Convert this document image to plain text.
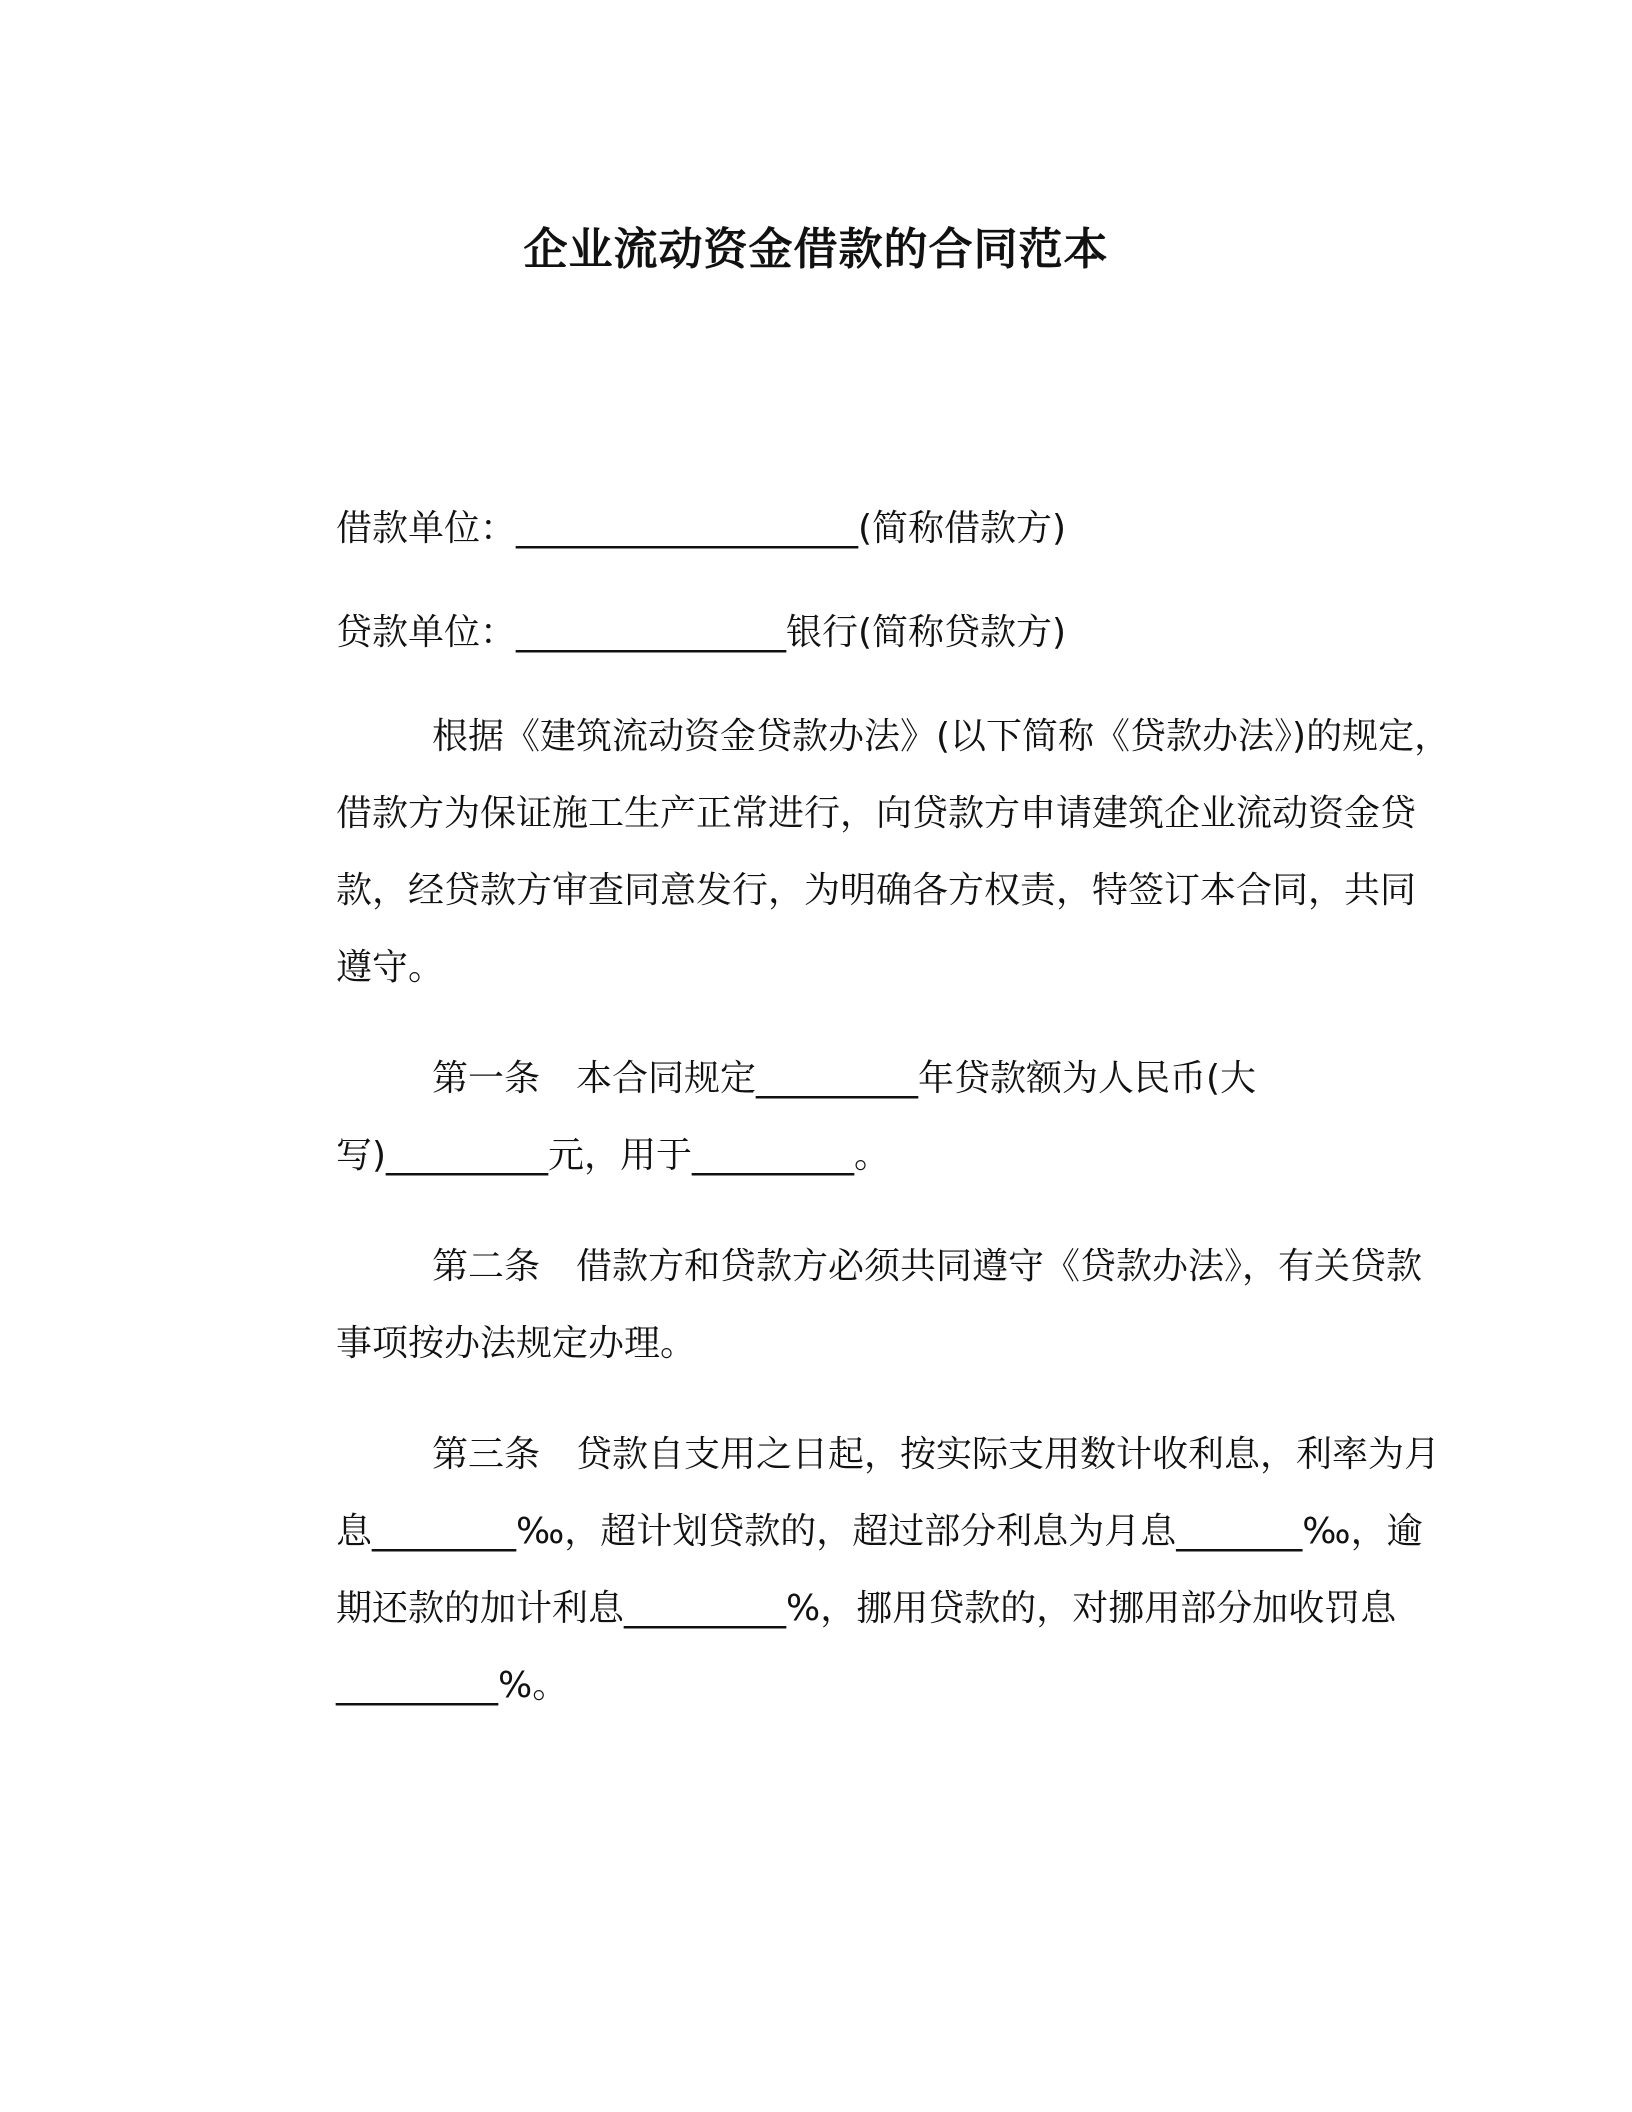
企业流动资金借款的合同范本
借款单位：___________________(简称借款方)
贷款单位：_______________银行(简称贷款方)
根据《建筑流动资金贷款办法》(以下简称《贷款办法》)的规定，
借款方为保证施工生产正常进行，向贷款方申请建筑企业流动资金贷
款，经贷款方审查同意发行，为明确各方权责，特签订本合同，共同
遵守。
第一条　本合同规定_________年贷款额为人民币(大
写)_________元，用于_________。
第二条　借款方和贷款方必须共同遵守《贷款办法》，有关贷款
事项按办法规定办理。
第三条　贷款自支用之日起，按实际支用数计收利息，利率为月
息________‰，超计划贷款的，超过部分利息为月息_______‰，逾
期还款的加计利息_________%，挪用贷款的，对挪用部分加收罚息
_________%。
